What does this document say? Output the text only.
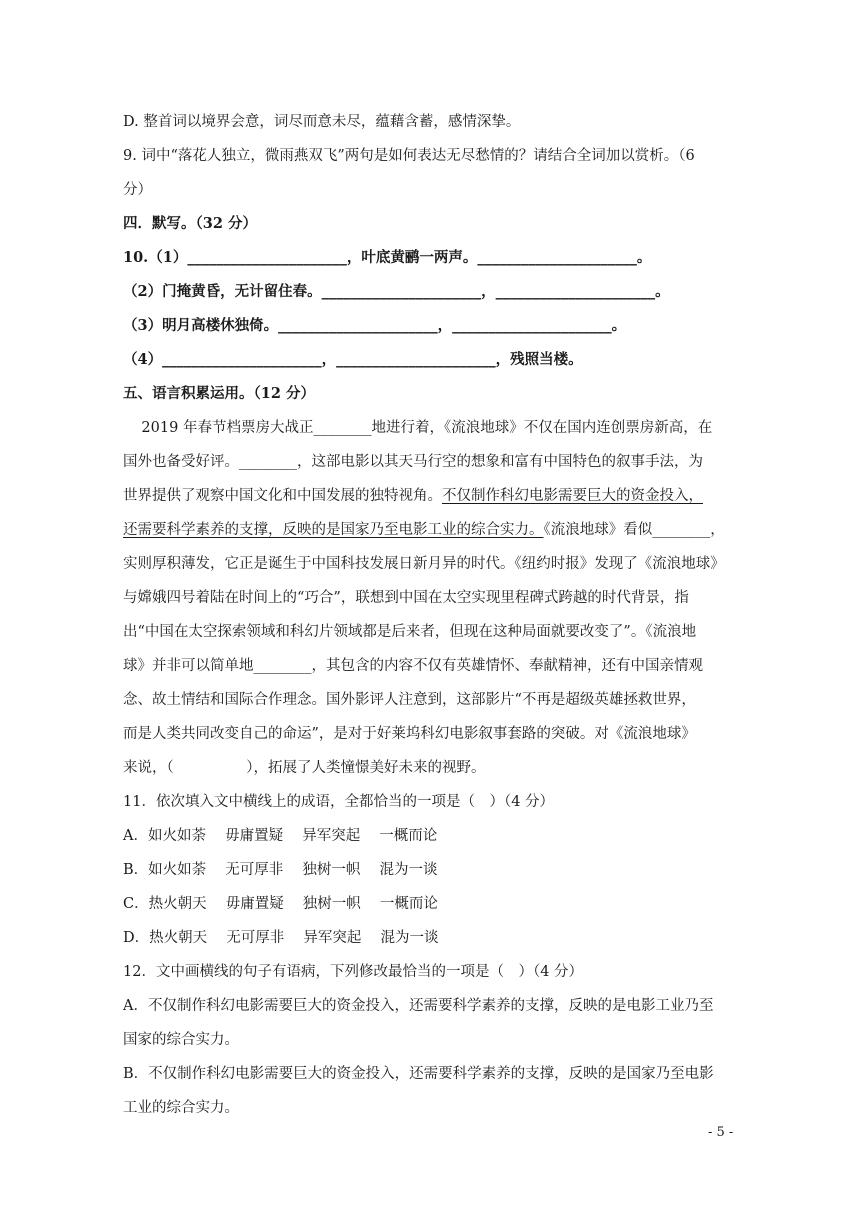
D. 整首词以境界会意，词尽而意未尽，蕴藉含蓄，感情深挚。
9. 词中“落花人独立，微雨燕双飞”两句是如何表达无尽愁情的？请结合全词加以赏析。（6
分）
四．默写。（32 分）
10.（1）______________________，叶底黄鹂一两声。______________________。
（2）门掩黄昏，无计留住春。______________________，______________________。
（3）明月高楼休独倚。______________________，______________________。
（4）______________________，______________________，残照当楼。
五、语言积累运用。（12 分）
2019 年春节档票房大战正________地进行着，《流浪地球》不仅在国内连创票房新高，在
国外也备受好评。________，这部电影以其天马行空的想象和富有中国特色的叙事手法，为
世界提供了观察中国文化和中国发展的独特视角。不仅制作科幻电影需要巨大的资金投入，
还需要科学素养的支撑，反映的是国家乃至电影工业的综合实力。《流浪地球》看似________，
实则厚积薄发，它正是诞生于中国科技发展日新月异的时代。《纽约时报》发现了《流浪地球》
与嫦娥四号着陆在时间上的“巧合”，联想到中国在太空实现里程碑式跨越的时代背景，指
出“中国在太空探索领域和科幻片领域都是后来者，但现在这种局面就要改变了”。《流浪地
球》并非可以简单地________，其包含的内容不仅有英雄情怀、奉献精神，还有中国亲情观
念、故土情结和国际合作理念。国外影评人注意到，这部影片“不再是超级英雄拯救世界，
而是人类共同改变自己的命运”，是对于好莱坞科幻电影叙事套路的突破。对《流浪地球》
来说，（　　　　　），拓展了人类憧憬美好未来的视野。
11．依次填入文中横线上的成语，全都恰当的一项是（　）（4 分）
A．如火如荼　 毋庸置疑　 异军突起　 一概而论
B．如火如荼　 无可厚非　 独树一帜　 混为一谈
C．热火朝天　 毋庸置疑　 独树一帜　 一概而论
D．热火朝天　 无可厚非　 异军突起　 混为一谈
12．文中画横线的句子有语病，下列修改最恰当的一项是（　）（4 分）
A．不仅制作科幻电影需要巨大的资金投入，还需要科学素养的支撑，反映的是电影工业乃至
国家的综合实力。
B．不仅制作科幻电影需要巨大的资金投入，还需要科学素养的支撑，反映的是国家乃至电影
工业的综合实力。
- 5 -
